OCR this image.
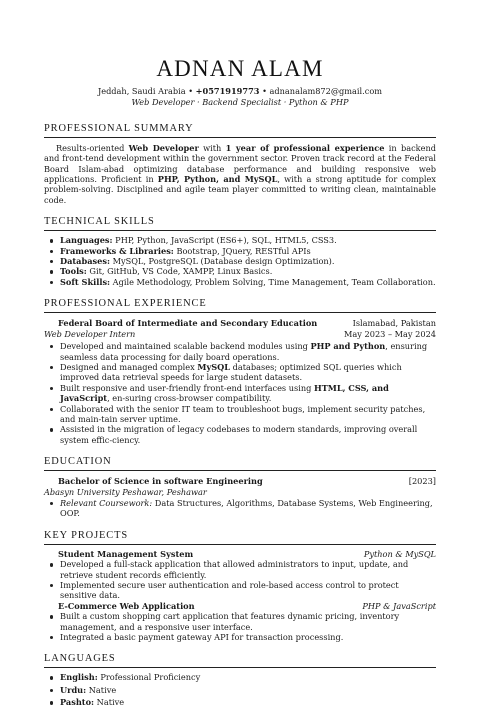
ADNAN ALAM
Jeddah, Saudi Arabia • +0571919773 • adnanalam872@gmail.com
Web Developer · Backend Specialist · Python & PHP
PROFESSIONAL SUMMARY

Results-oriented Web Developer with 1 year of professional experience in backend and front-tend development within the government sector. Proven track record at the Federal Board Islam-abad optimizing database performance and building responsive web applications. Proficient in PHP, Python, and MySQL, with a strong aptitude for complex problem-solving. Disciplined and agile team player committed to writing clean, maintainable code.

TECHNICAL SKILLS
Languages: PHP, Python, JavaScript (ES6+), SQL, HTML5, CSS3.
Frameworks & Libraries: Bootstrap, JQuery, RESTful APIs
Databases: MySQL, PostgreSQL (Database design Optimization).
Tools: Git, GitHub, VS Code, XAMPP, Linux Basics.
Soft Skills: Agile Methodology, Problem Solving, Time Management, Team Collaboration.
PROFESSIONAL EXPERIENCE
Federal Board of Intermediate and Secondary Education	Islamabad, Pakistan
Web Developer Intern	May 2023 – May 2024
Developed and maintained scalable backend modules using PHP and Python, ensuring seamless data processing for daily board operations.
Designed and managed complex MySQL databases; optimized SQL queries which improved data retrieval speeds for large student datasets.
Built responsive and user-friendly front-end interfaces using HTML, CSS, and JavaScript, en-suring cross-browser compatibility.
Collaborated with the senior IT team to troubleshoot bugs, implement security patches, and main-tain server uptime.
Assisted in the migration of legacy codebases to modern standards, improving overall system effic-ciency.
EDUCATION
Bachelor of Science in software Engineering	[2023]
Abasyn University Peshawar, Peshawar
Relevant Coursework: Data Structures, Algorithms, Database Systems, Web Engineering, OOP.
KEY PROJECTS
Student Management System	Python & MySQL
Developed a full-stack application that allowed administrators to input, update, and retrieve student records efficiently.
Implemented secure user authentication and role-based access control to protect sensitive data.
E-Commerce Web Application	PHP & JavaScript
Built a custom shopping cart application that features dynamic pricing, inventory management, and a responsive user interface.
Integrated a basic payment gateway API for transaction processing.
LANGUAGES
English: Professional Proficiency
Urdu: Native
Pashto: Native
